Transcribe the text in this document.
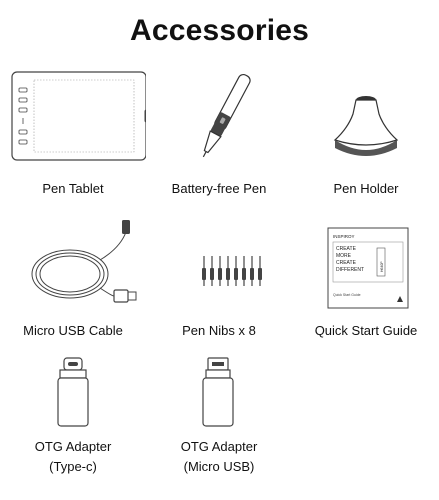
Accessories
Pen Tablet	Battery-free Pen	Pen Holder
Micro USB Cable	Pen Nibs x 8
INSPIROY
CREATE
MORE
CREATE
DIFFERENT	H640P
Quick Start Guide
Quick Start Guide
OTG Adapter
(Type-c)
OTG Adapter
(Micro USB)
